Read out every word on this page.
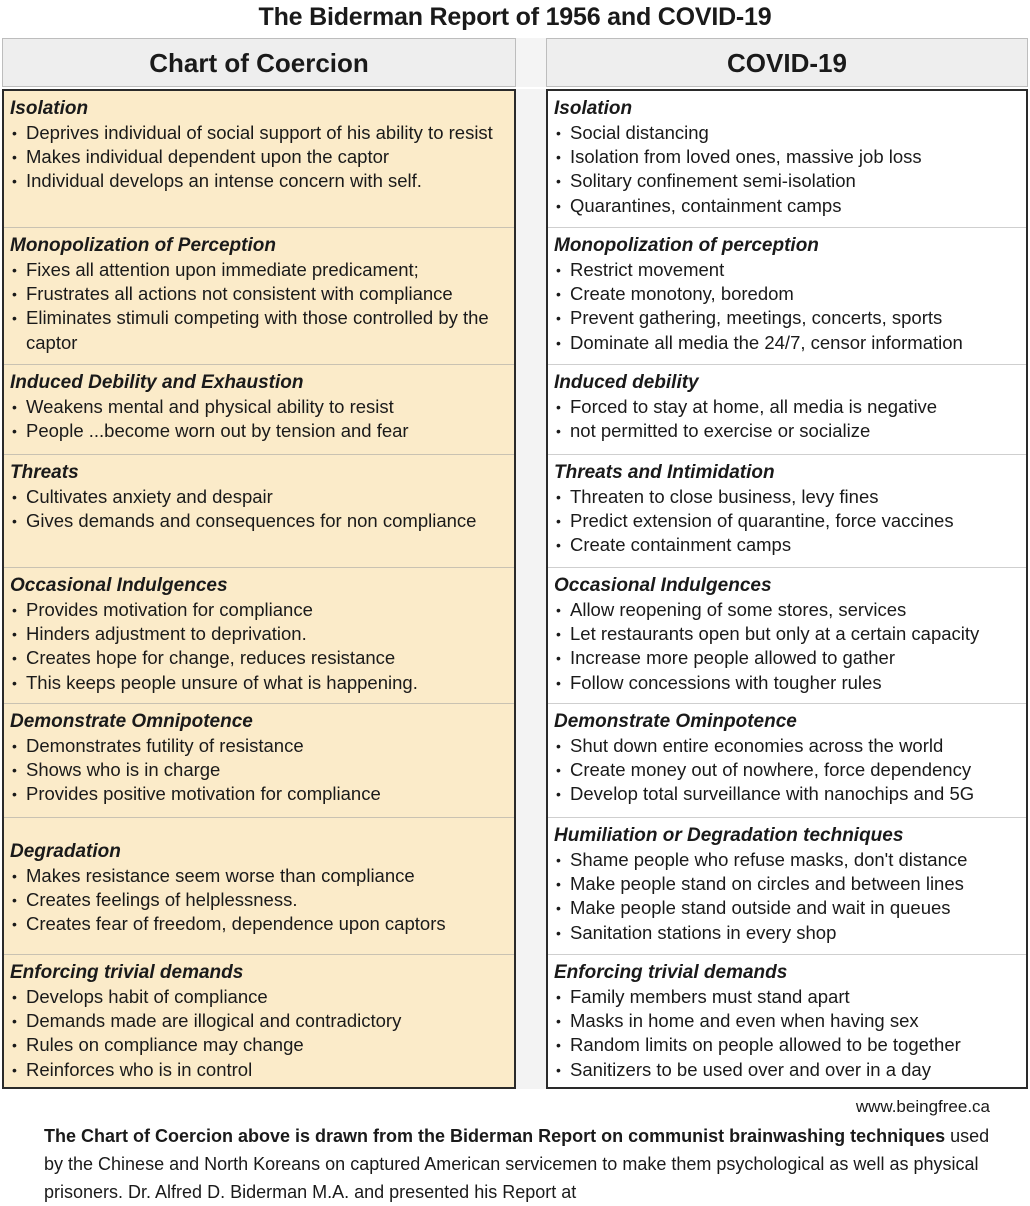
The Biderman Report of 1956 and COVID-19
Chart of Coercion	COVID-19
Isolation
• Deprives individual of social support of his ability to resist
• Makes individual dependent upon the captor
• Individual develops an intense concern with self.
Monopolization of Perception
• Fixes all attention upon immediate predicament;
• Frustrates all actions not consistent with compliance
• Eliminates stimuli competing with those controlled by the captor
Induced Debility and Exhaustion
• Weakens mental and physical ability to resist
• People ...become worn out by tension and fear
Threats
• Cultivates anxiety and despair
• Gives demands and consequences for non compliance
Occasional Indulgences
• Provides motivation for compliance
• Hinders adjustment to deprivation.
• Creates hope for change, reduces resistance
• This keeps people unsure of what is happening.
Demonstrate Omnipotence
• Demonstrates futility of resistance
• Shows who is in charge
• Provides positive motivation for compliance
Degradation
• Makes resistance seem worse than compliance
• Creates feelings of helplessness.
• Creates fear of freedom, dependence upon captors
Enforcing trivial demands
• Develops habit of compliance
• Demands made are illogical and contradictory
• Rules on compliance may change
• Reinforces who is in control
Isolation
• Social distancing
• Isolation from loved ones, massive job loss
• Solitary confinement semi-isolation
• Quarantines, containment camps
Monopolization of perception
• Restrict movement
• Create monotony, boredom
• Prevent gathering, meetings, concerts, sports
• Dominate all media the 24/7, censor information
Induced debility
• Forced to stay at home, all media is negative
• not permitted to exercise or socialize
Threats and Intimidation
• Threaten to close business, levy fines
• Predict extension of quarantine, force vaccines
• Create containment camps
Occasional Indulgences
• Allow reopening of some stores, services
• Let restaurants open but only at a certain capacity
• Increase more people allowed to gather
• Follow concessions with tougher rules
Demonstrate Ominpotence
• Shut down entire economies across the world
• Create money out of nowhere, force dependency
• Develop total surveillance with nanochips and 5G
Humiliation or Degradation techniques
• Shame people who refuse masks, don't distance
• Make people stand on circles and between lines
• Make people stand outside and wait in queues
• Sanitation stations in every shop
Enforcing trivial demands
• Family members must stand apart
• Masks in home and even when having sex
• Random limits on people allowed to be together
• Sanitizers to be used over and over in a day
www.beingfree.ca
The Chart of Coercion above is drawn from the Biderman Report on communist brainwashing techniques used by the Chinese and North Koreans on captured American servicemen to make them psychological as well as physical prisoners. Dr. Alfred D. Biderman M.A. and presented his Report at
